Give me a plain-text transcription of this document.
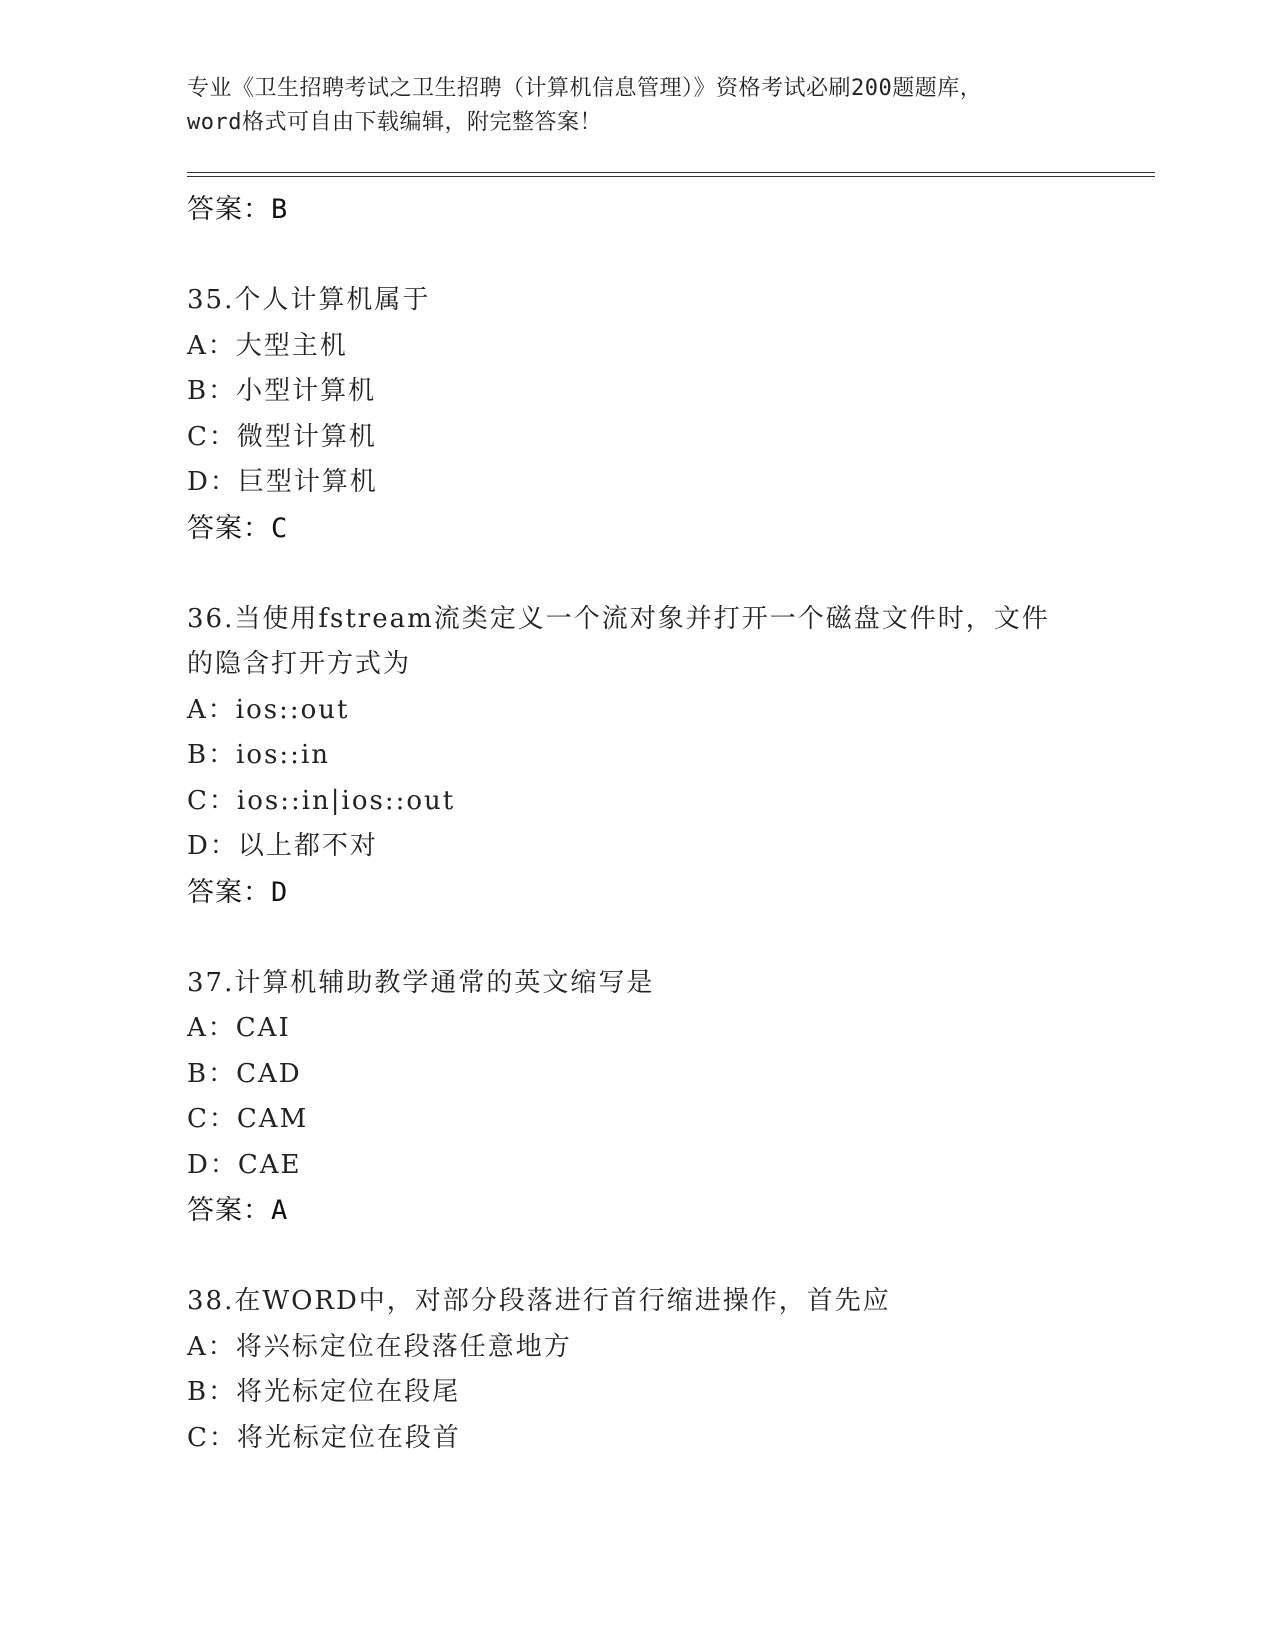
专业《卫生招聘考试之卫生招聘（计算机信息管理）》资格考试必刷200题题库，
word格式可自由下载编辑，附完整答案！
答案：B
35.个人计算机属于
A：大型主机
B：小型计算机
C：微型计算机
D：巨型计算机
答案：C
36.当使用fstream流类定义一个流对象并打开一个磁盘文件时，文件
的隐含打开方式为
A：ios::out
B：ios::in
C：ios::in|ios::out
D：以上都不对
答案：D
37.计算机辅助教学通常的英文缩写是
A：CAI
B：CAD
C：CAM
D：CAE
答案：A
38.在WORD中，对部分段落进行首行缩进操作，首先应
A：将兴标定位在段落任意地方
B：将光标定位在段尾
C：将光标定位在段首
